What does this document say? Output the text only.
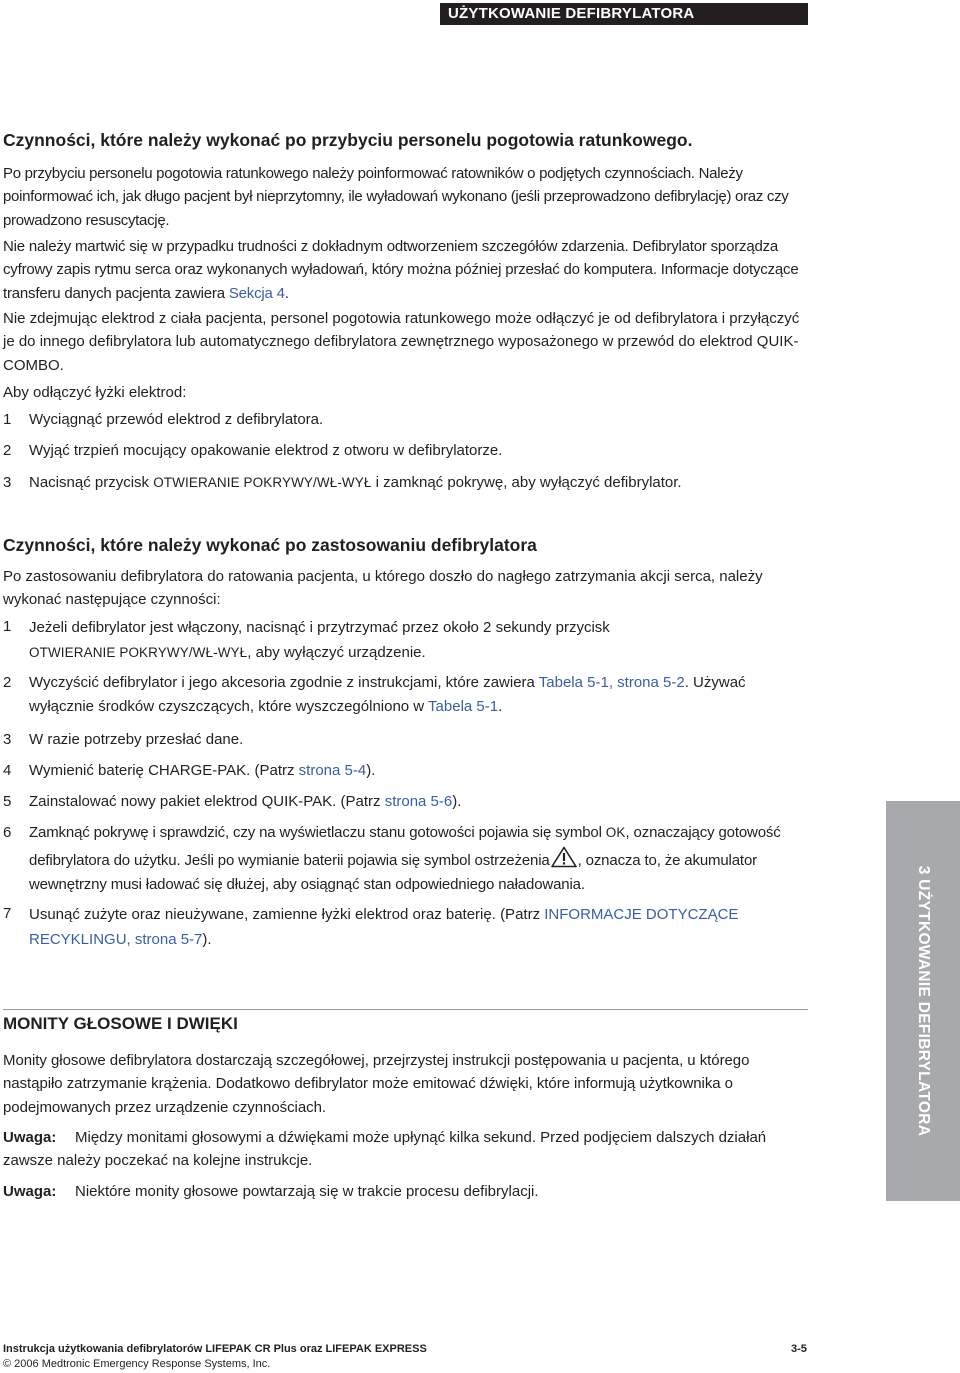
UŻYTKOWANIE DEFIBRYLATORA
Czynności, które należy wykonać po przybyciu personelu pogotowia ratunkowego.
Po przybyciu personelu pogotowia ratunkowego należy poinformować ratowników o podjętych czynnościach. Należy poinformować ich, jak długo pacjent był nieprzytomny, ile wyładowań wykonano (jeśli przeprowadzono defibrylację) oraz czy prowadzono resuscytację.
Nie należy martwić się w przypadku trudności z dokładnym odtworzeniem szczegółów zdarzenia. Defibrylator sporządza cyfrowy zapis rytmu serca oraz wykonanych wyładowań, który można później przesłać do komputera. Informacje dotyczące transferu danych pacjenta zawiera Sekcja 4.
Nie zdejmując elektrod z ciała pacjenta, personel pogotowia ratunkowego może odłączyć je od defibrylatora i przyłączyć je do innego defibrylatora lub automatycznego defibrylatora zewnętrznego wyposażonego w przewód do elektrod QUIK-COMBO.
Aby odłączyć łyżki elektrod:
1	Wyciągnąć przewód elektrod z defibrylatora.
2	Wyjąć trzpień mocujący opakowanie elektrod z otworu w defibrylatorze.
3	Nacisnąć przycisk OTWIERANIE POKRYWY/WŁ-WYŁ i zamknąć pokrywę, aby wyłączyć defibrylator.
Czynności, które należy wykonać po zastosowaniu defibrylatora
Po zastosowaniu defibrylatora do ratowania pacjenta, u którego doszło do nagłego zatrzymania akcji serca, należy wykonać następujące czynności:
1	Jeżeli defibrylator jest włączony, nacisnąć i przytrzymać przez około 2 sekundy przycisk
OTWIERANIE POKRYWY/WŁ-WYŁ, aby wyłączyć urządzenie.
2	Wyczyścić defibrylator i jego akcesoria zgodnie z instrukcjami, które zawiera Tabela 5-1, strona 5-2. Używać wyłącznie środków czyszczących, które wyszczególniono w Tabela 5-1.
3	W razie potrzeby przesłać dane.
4	Wymienić baterię CHARGE-PAK. (Patrz strona 5-4).
5	Zainstalować nowy pakiet elektrod QUIK-PAK. (Patrz strona 5-6).
6	Zamknąć pokrywę i sprawdzić, czy na wyświetlaczu stanu gotowości pojawia się symbol OK, oznaczający gotowość defibrylatora do użytku. Jeśli po wymianie baterii pojawia się symbol ostrzeżenia , oznacza to, że akumulator wewnętrzny musi ładować się dłużej, aby osiągnąć stan odpowiedniego naładowania.
7	Usunąć zużyte oraz nieużywane, zamienne łyżki elektrod oraz baterię. (Patrz INFORMACJE DOTYCZĄCE RECYKLINGU, strona 5-7).
MONITY GŁOSOWE I DWIĘKI
Monity głosowe defibrylatora dostarczają szczegółowej, przejrzystej instrukcji postępowania u pacjenta, u którego nastąpiło zatrzymanie krążenia. Dodatkowo defibrylator może emitować dźwięki, które informują użytkownika o podejmowanych przez urządzenie czynnościach.
Uwaga: Między monitami głosowymi a dźwiękami może upłynąć kilka sekund. Przed podjęciem dalszych działań zawsze należy poczekać na kolejne instrukcje.
Uwaga: Niektóre monity głosowe powtarzają się w trakcie procesu defibrylacji.
3 UŻYTKOWANIE DEFIBRYLATORA
Instrukcja użytkowania defibrylatorów LIFEPAK CR Plus oraz LIFEPAK EXPRESS	3-5
© 2006 Medtronic Emergency Response Systems, Inc.
